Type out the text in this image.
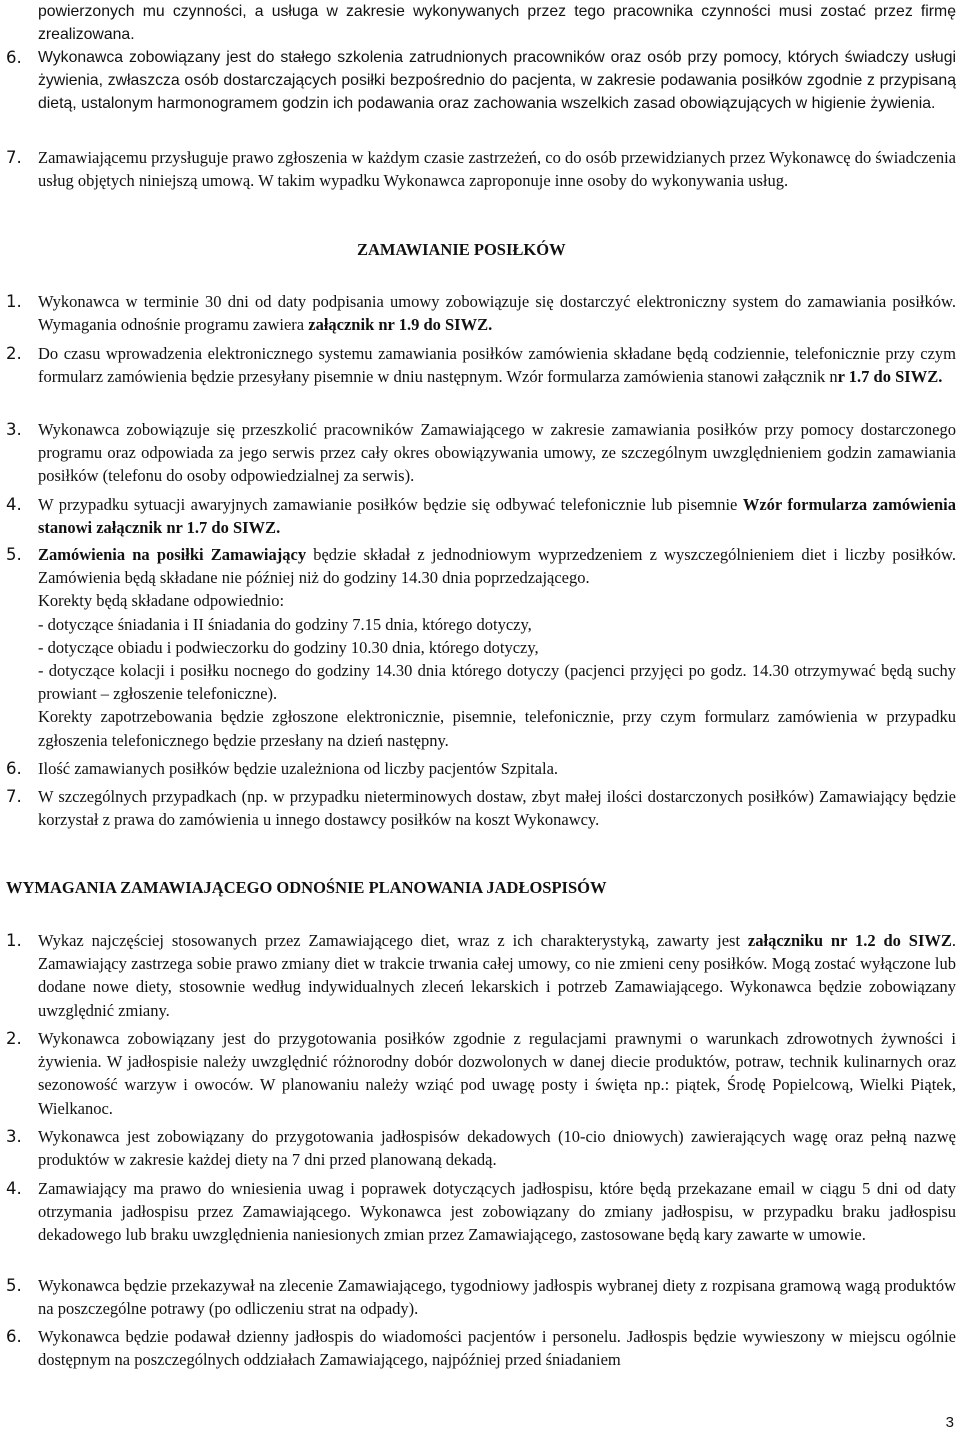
powierzonych mu czynności, a usługa w zakresie wykonywanych przez tego pracownika czynności musi zostać przez firmę zrealizowana.
6. Wykonawca zobowiązany jest do stałego szkolenia zatrudnionych pracowników oraz osób przy pomocy, których świadczy usługi żywienia, zwłaszcza osób dostarczających posiłki bezpośrednio do pacjenta, w zakresie podawania posiłków zgodnie z przypisaną dietą, ustalonym harmonogramem godzin ich podawania oraz zachowania wszelkich zasad obowiązujących w higienie żywienia.
7. Zamawiającemu przysługuje prawo zgłoszenia w każdym czasie zastrzeżeń, co do osób przewidzianych przez Wykonawcę do świadczenia usług objętych niniejszą umową. W takim wypadku Wykonawca zaproponuje inne osoby do wykonywania usług.
ZAMAWIANIE POSIŁKÓW
1. Wykonawca w terminie 30 dni od daty podpisania umowy zobowiązuje się dostarczyć elektroniczny system do zamawiania posiłków. Wymagania odnośnie programu zawiera załącznik nr 1.9 do SIWZ.
2. Do czasu wprowadzenia elektronicznego systemu zamawiania posiłków zamówienia składane będą codziennie, telefonicznie przy czym formularz zamówienia będzie przesyłany pisemnie w dniu następnym. Wzór formularza zamówienia stanowi załącznik nr 1.7 do SIWZ.
3. Wykonawca zobowiązuje się przeszkolić pracowników Zamawiającego w zakresie zamawiania posiłków przy pomocy dostarczonego programu oraz odpowiada za jego serwis przez cały okres obowiązywania umowy, ze szczególnym uwzględnieniem godzin zamawiania posiłków (telefonu do osoby odpowiedzialnej za serwis).
4. W przypadku sytuacji awaryjnych zamawianie posiłków będzie się odbywać telefonicznie lub pisemnie Wzór formularza zamówienia stanowi załącznik nr 1.7 do SIWZ.
5. Zamówienia na posiłki Zamawiający będzie składał z jednodniowym wyprzedzeniem z wyszczególnieniem diet i liczby posiłków. Zamówienia będą składane nie później niż do godziny 14.30 dnia poprzedzającego.
Korekty będą składane odpowiednio:
- dotyczące śniadania i II śniadania do godziny 7.15 dnia, którego dotyczy,
- dotyczące obiadu i podwieczorku do godziny 10.30 dnia, którego dotyczy,
- dotyczące kolacji i posiłku nocnego do godziny 14.30 dnia którego dotyczy (pacjenci przyjęci po godz. 14.30 otrzymywać będą suchy prowiant – zgłoszenie telefoniczne).
Korekty zapotrzebowania będzie zgłoszone elektronicznie, pisemnie, telefonicznie, przy czym formularz zamówienia w przypadku zgłoszenia telefonicznego będzie przesłany na dzień następny.
6. Ilość zamawianych posiłków będzie uzależniona od liczby pacjentów Szpitala.
7. W szczególnych przypadkach (np. w przypadku nieterminowych dostaw, zbyt małej ilości dostarczonych posiłków) Zamawiający będzie korzystał z prawa do zamówienia u innego dostawcy posiłków na koszt Wykonawcy.
WYMAGANIA ZAMAWIAJĄCEGO ODNOŚNIE PLANOWANIA JADŁOSPISÓW
1. Wykaz najczęściej stosowanych przez Zamawiającego diet, wraz z ich charakterystyką, zawarty jest załączniku nr 1.2 do SIWZ. Zamawiający zastrzega sobie prawo zmiany diet w trakcie trwania całej umowy, co nie zmieni ceny posiłków. Mogą zostać wyłączone lub dodane nowe diety, stosownie według indywidualnych zleceń lekarskich i potrzeb Zamawiającego. Wykonawca będzie zobowiązany uwzględnić zmiany.
2. Wykonawca zobowiązany jest do przygotowania posiłków zgodnie z regulacjami prawnymi o warunkach zdrowotnych żywności i żywienia. W jadłospisie należy uwzględnić różnorodny dobór dozwolonych w danej diecie produktów, potraw, technik kulinarnych oraz sezonowość warzyw i owoców. W planowaniu należy wziąć pod uwagę posty i święta np.: piątek, Środę Popielcową, Wielki Piątek, Wielkanoc.
3. Wykonawca jest zobowiązany do przygotowania jadłospisów dekadowych (10-cio dniowych) zawierających wagę oraz pełną nazwę produktów w zakresie każdej diety na 7 dni przed planowaną dekadą.
4. Zamawiający ma prawo do wniesienia uwag i poprawek dotyczących jadłospisu, które będą przekazane email w ciągu 5 dni od daty otrzymania jadłospisu przez Zamawiającego. Wykonawca jest zobowiązany do zmiany jadłospisu, w przypadku braku jadłospisu dekadowego lub braku uwzględnienia naniesionych zmian przez Zamawiającego, zastosowane będą kary zawarte w umowie.
5. Wykonawca będzie przekazywał na zlecenie Zamawiającego, tygodniowy jadłospis wybranej diety z rozpisana gramową wagą produktów na poszczególne potrawy (po odliczeniu strat na odpady).
6. Wykonawca będzie podawał dzienny jadłospis do wiadomości pacjentów i personelu. Jadłospis będzie wywieszony w miejscu ogólnie dostępnym na poszczególnych oddziałach Zamawiającego, najpóźniej przed śniadaniem
3
